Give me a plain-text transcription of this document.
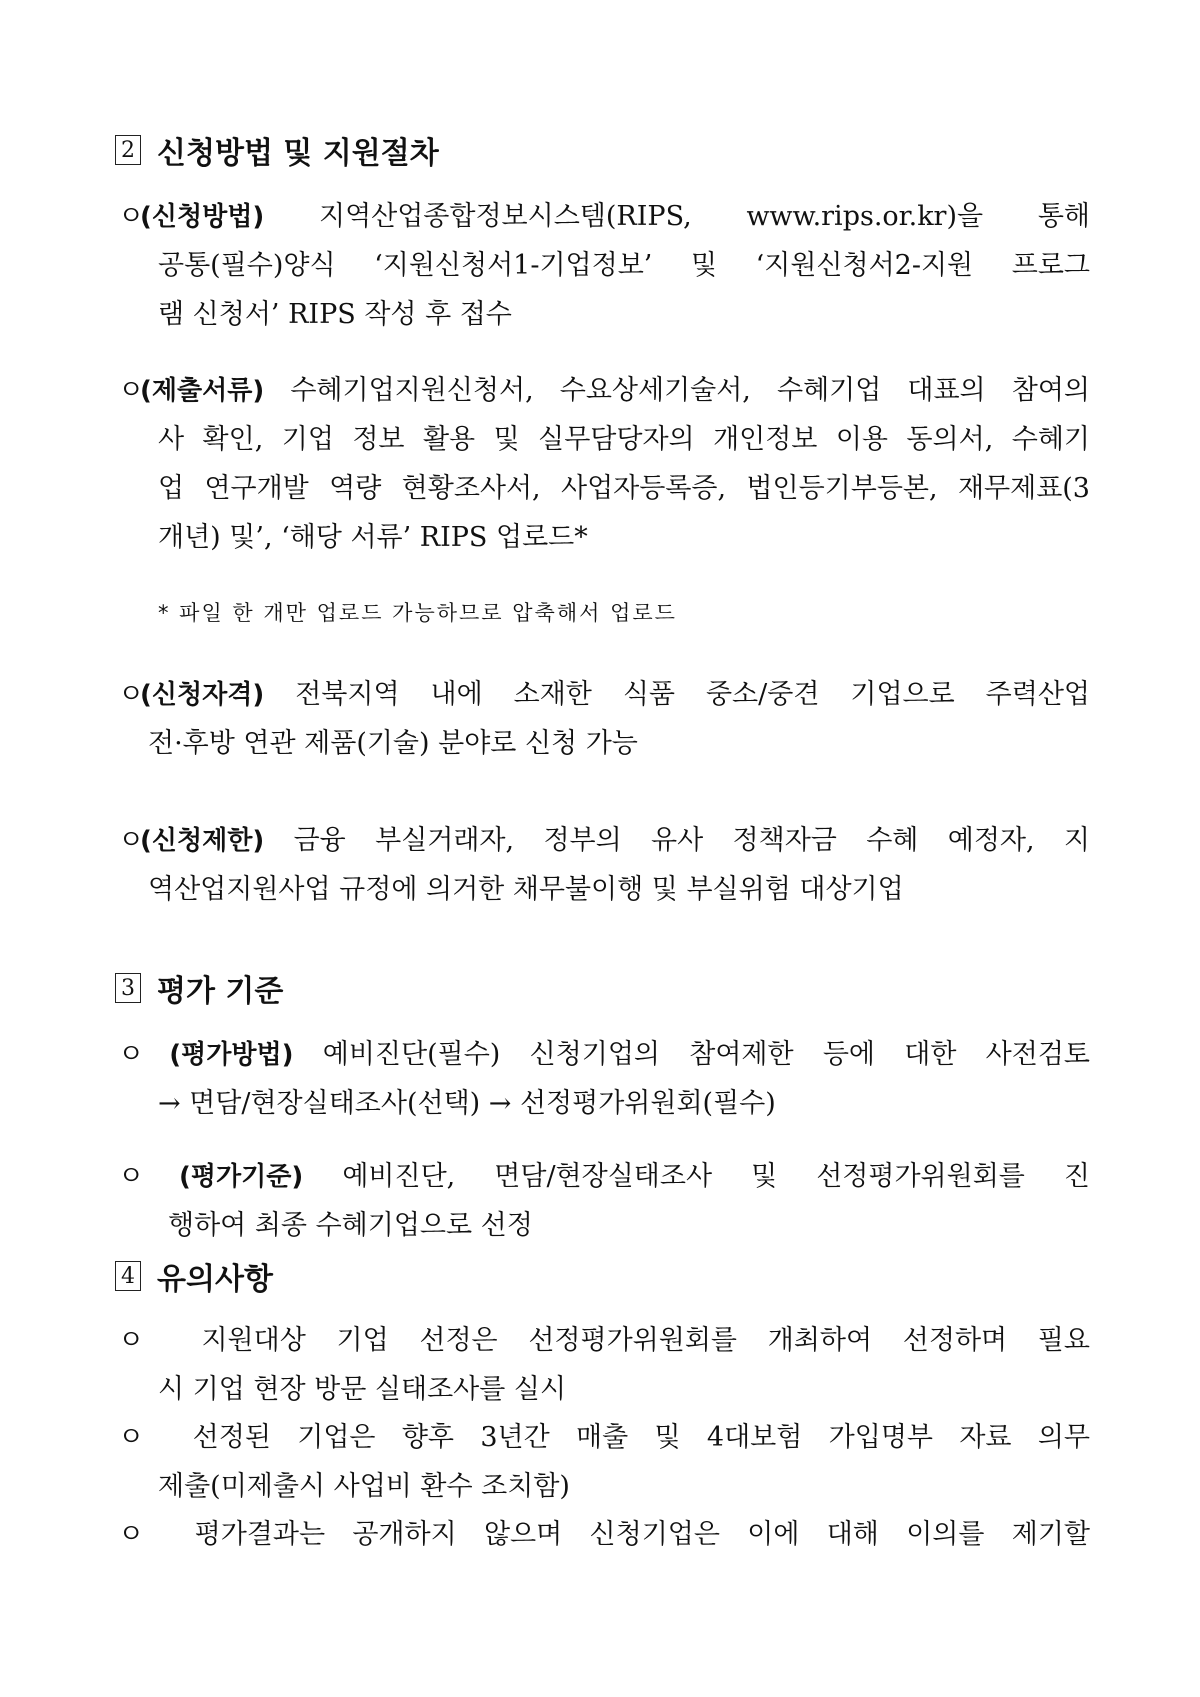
2 신청방법 및 지원절차
ㅇ(신청방법) 지역산업종합정보시스템(RIPS, www.rips.or.kr)을 통해
공통(필수)양식 ‘지원신청서1-기업정보’ 및 ‘지원신청서2-지원 프로그
램 신청서’ RIPS 작성 후 접수
ㅇ(제출서류) 수혜기업지원신청서, 수요상세기술서, 수혜기업 대표의 참여의
사 확인, 기업 정보 활용 및 실무담당자의 개인정보 이용 동의서, 수혜기
업 연구개발 역량 현황조사서, 사업자등록증, 법인등기부등본, 재무제표(3
개년) 및’, ‘해당 서류’ RIPS 업로드*
* 파일 한 개만 업로드 가능하므로 압축해서 업로드
ㅇ(신청자격) 전북지역 내에 소재한 식품 중소/중견 기업으로 주력산업
전·후방 연관 제품(기술) 분야로 신청 가능
ㅇ(신청제한) 금융 부실거래자, 정부의 유사 정책자금 수혜 예정자, 지
역산업지원사업 규정에 의거한 채무불이행 및 부실위험 대상기업
3 평가 기준
ㅇ (평가방법) 예비진단(필수) 신청기업의 참여제한 등에 대한 사전검토
→ 면담/현장실태조사(선택) → 선정평가위원회(필수)
ㅇ (평가기준) 예비진단, 면담/현장실태조사 및 선정평가위원회를 진
행하여 최종 수혜기업으로 선정
4 유의사항
ㅇ 지원대상 기업 선정은 선정평가위원회를 개최하여 선정하며 필요
시 기업 현장 방문 실태조사를 실시
ㅇ 선정된 기업은 향후 3년간 매출 및 4대보험 가입명부 자료 의무
제출(미제출시 사업비 환수 조치함)
ㅇ 평가결과는 공개하지 않으며 신청기업은 이에 대해 이의를 제기할
